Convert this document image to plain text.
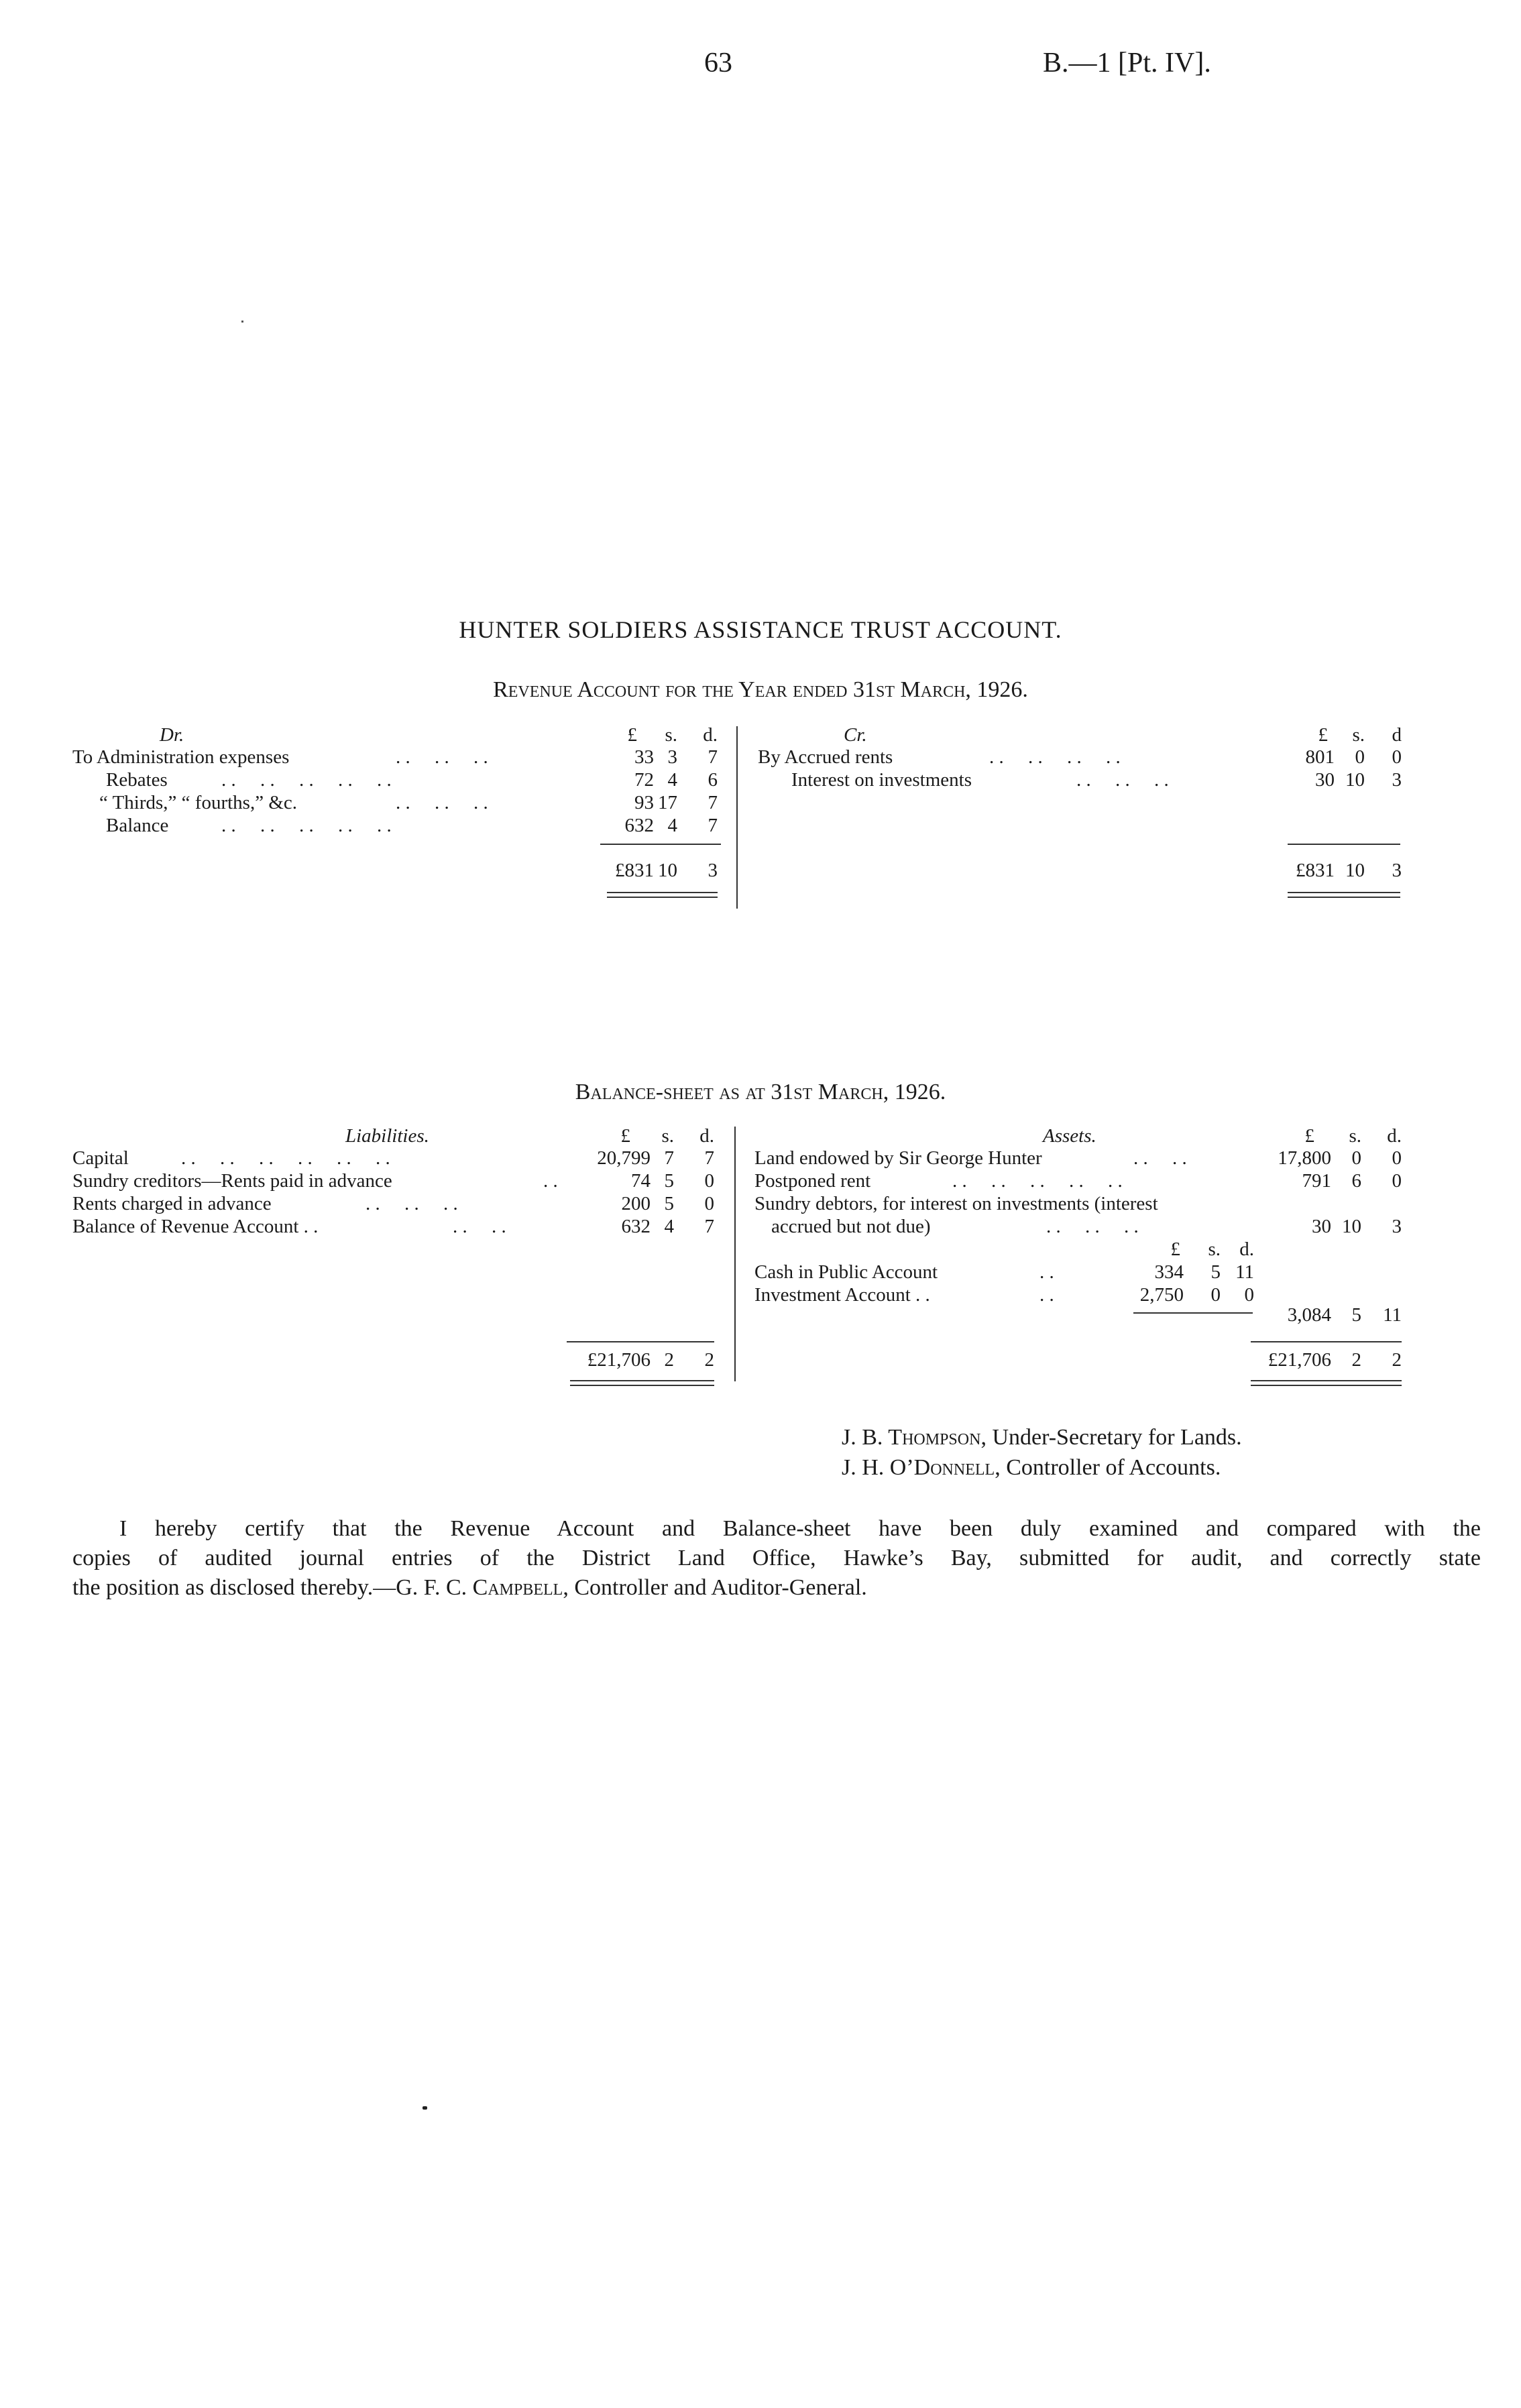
63	B.—1 [Pt. IV].
HUNTER SOLDIERS ASSISTANCE TRUST ACCOUNT.
Revenue Account for the Year ended 31st March, 1926.
Dr.	£	s.	d.
To Administration expenses	. .     . .     . .	33 3	7
Rebates	. .     . .     . .     . .     . .	72 4	6
“ Thirds,” “ fourths,” &c.	. .     . .     . .	93 17	7
Balance	. .     . .     . .     . .     . .	632 4	7
£831 10	3
Cr.	£	s.	d
By Accrued rents	. .     . .     . .     . .	801	0	0
Interest on investments	. .     . .     . .	30 10	3
£831 10	3
Balance-sheet as at 31st March, 1926.
Liabilities.	£	s.	d.
Capital	. .     . .     . .     . .     . .     . .	20,799 7	7
Sundry creditors—Rents paid in advance	. .	74 5	0
Rents charged in advance	. .     . .     . .	200 5	0
Balance of Revenue Account . .	. .     . .	632 4	7
£21,706 2	2
Assets.	£	s.	d.
Land endowed by Sir George Hunter	. .     . .	17,800	0	0
Postponed rent	. .     . .     . .     . .     . .	791	6	0
Sundry debtors, for interest on investments (interest
accrued but not due)	. .     . .     . .	30 10	3
£	s. d.
Cash in Public Account	. .	334	5 11
Investment Account . .	. .	2,750	0	0
3,084	5	11
£21,706	2	2
J. B. Thompson, Under-Secretary for Lands.
J. H. O’Donnell, Controller of Accounts.
I hereby certify that the Revenue Account and Balance-sheet have been duly examined and compared with the
copies of audited journal entries of the District Land Office, Hawke’s Bay, submitted for audit, and correctly state
the position as disclosed thereby.—G. F. C. Campbell, Controller and Auditor-General.
